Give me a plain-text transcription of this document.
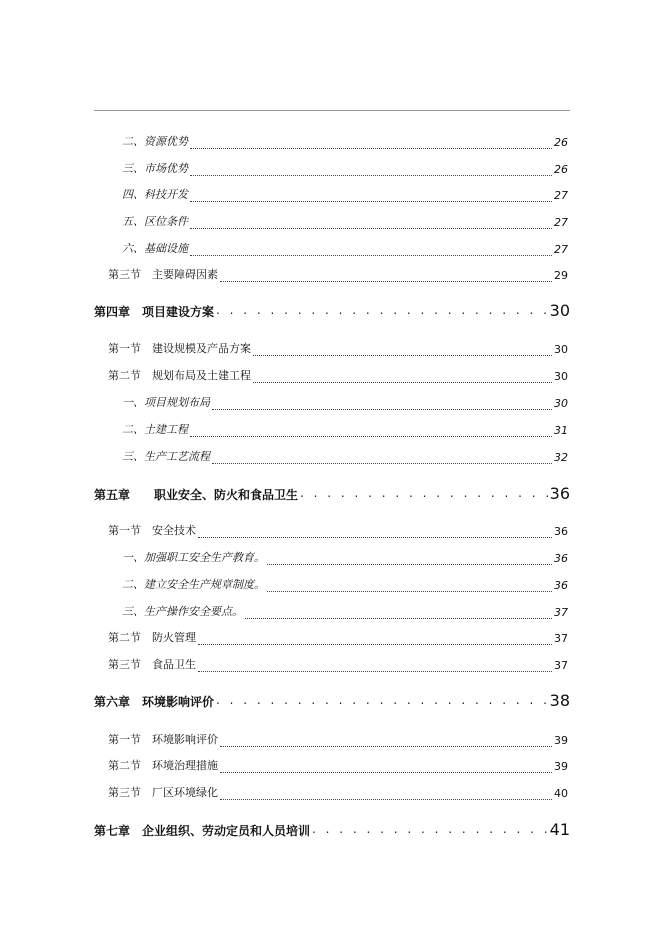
二、资源优势	26
三、市场优势	26
四、科技开发	27
五、区位条件	27
六、基础设施	27
第三节　主要障碍因素	29
第四章　项目建设方案 . . .	30
第一节　建设规模及产品方案	30
第二节　规划布局及土建工程	30
一、项目规划布局	30
二、土建工程	31
三、生产工艺流程	32
第五章　　职业安全、防火和食品卫生 . . .	36
第一节　安全技术	36
一、加强职工安全生产教育。	36
二、建立安全生产规章制度。	36
三、生产操作安全要点。	37
第二节　防火管理	37
第三节　食品卫生	37
第六章　环境影响评价 . . .	38
第一节　环境影响评价	39
第二节　环境治理措施	39
第三节　厂区环境绿化	40
第七章　企业组织、劳动定员和人员培训 . . .	41
